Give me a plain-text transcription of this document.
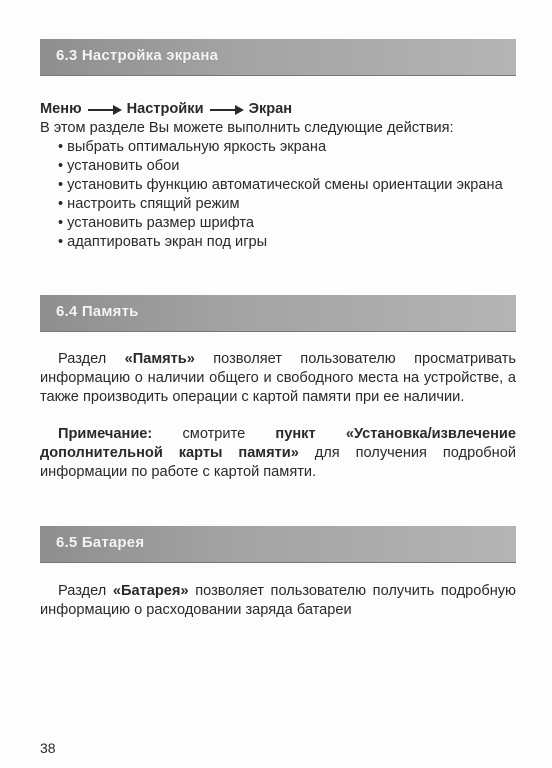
6.3 Настройка экрана
Меню	Настройки	Экран
В этом разделе Вы можете выполнить следующие действия:
• выбрать оптимальную яркость экрана
• установить обои
• установить функцию автоматической смены ориентации экрана
• настроить спящий режим
• установить размер шрифта
• адаптировать экран под игры
6.4 Память
Раздел «Память» позволяет пользователю просматривать информацию о наличии общего и свободного места на устройстве, а также производить операции с картой памяти при ее наличии.
Примечание: смотрите пункт «Установка/извлечение дополнительной карты памяти» для получения подробной информации по работе с картой памяти.
6.5 Батарея
Раздел «Батарея» позволяет пользователю получить подробную информацию о расходовании заряда батареи
38
